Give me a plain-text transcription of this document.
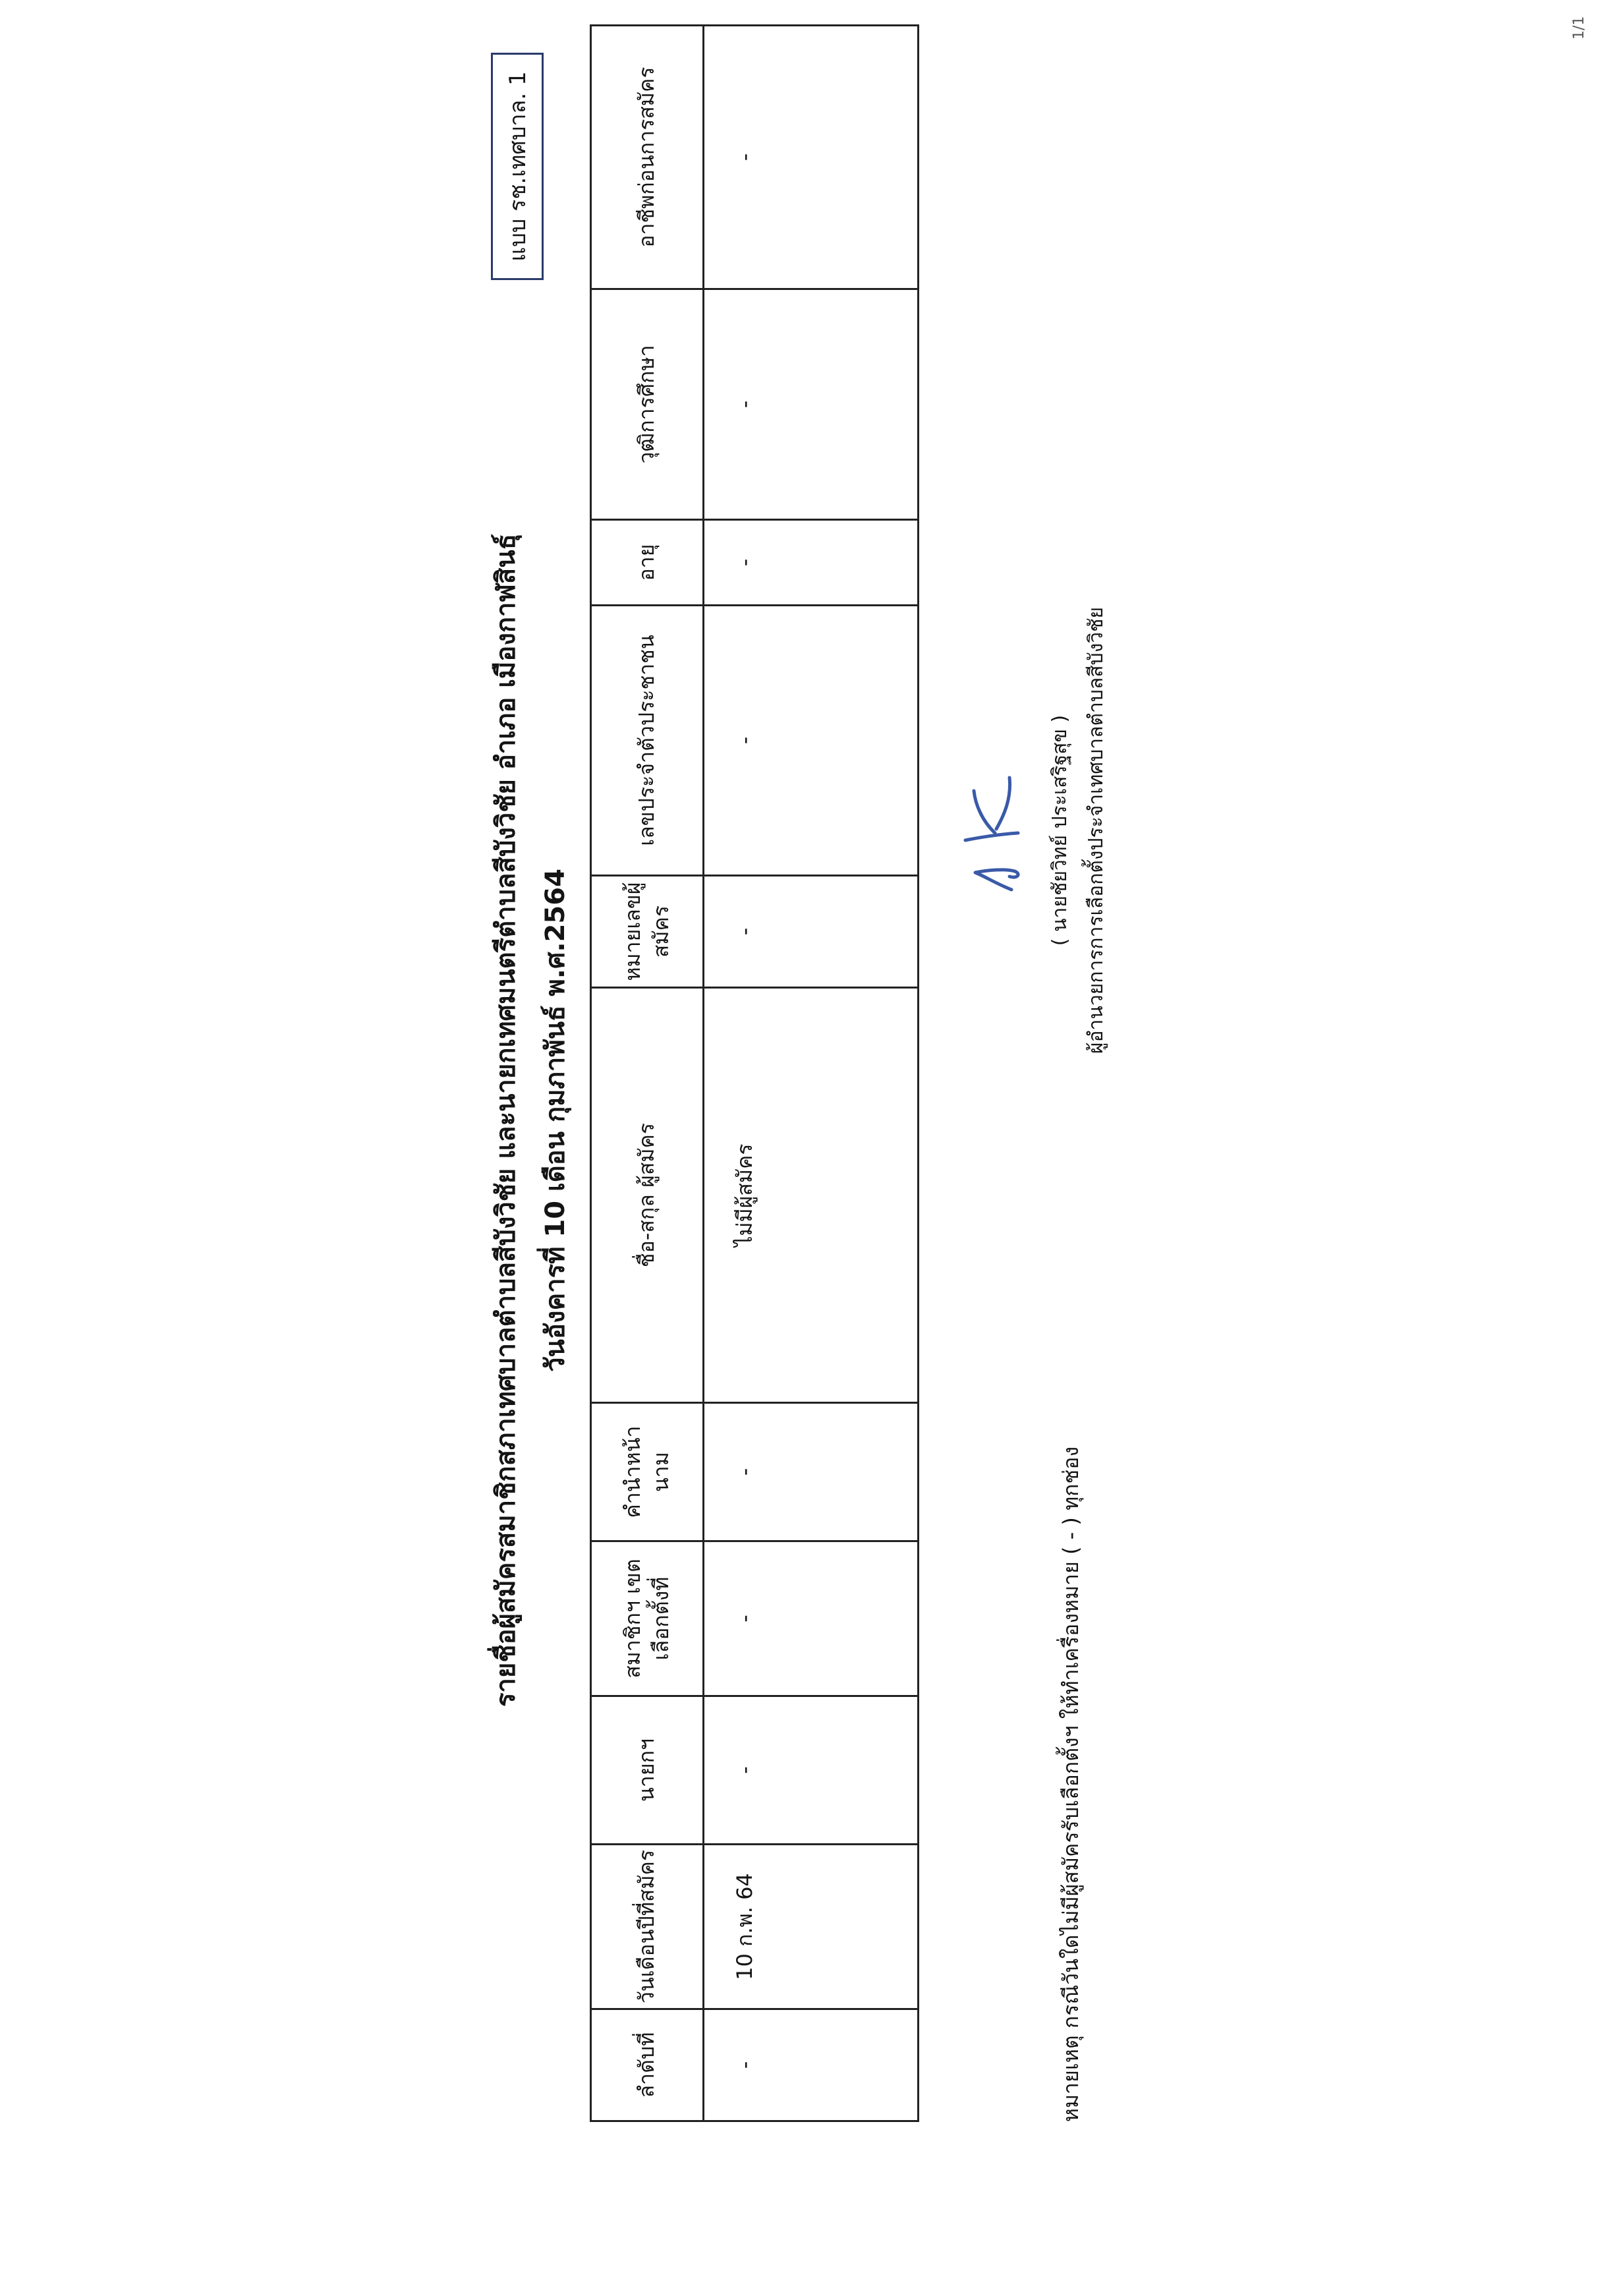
1/1
รายชื่อผู้สมัครสมาชิกสภาเทศบาลตำบลสีบังวิชัย และนายกเทศมนตรีตำบลสีบังวิชัย อำเภอ เมืองกาฬสินธุ์ วันอังคารที่ 10 เดือน กุมภาพันธ์ พ.ศ.2564
แบบ รช.เทศบาล. 1
ลำดับที่	วันเดือนปีที่สมัคร	นายกฯ	สมาชิกฯ เขตเลือกตั้งที่	คำนำหน้านาม	ชื่อ-สกุล ผู้สมัคร	หมายเลขผู้สมัคร	เลขประจำตัวประชาชน	อายุ	วุฒิการศึกษา	อาชีพก่อนการสมัคร
-	10 ก.พ. 64	-	-	-	ไม่มีผู้สมัคร	-	-	-	-	-
หมายเหตุ กรณีวันใดไม่มีผู้สมัครรับเลือกตั้งฯ ให้ทำเครื่องหมาย ( - ) ทุกช่อง
( นายชัยวิทย์ ประเสริฐสุข ) ผู้อำนวยการการเลือกตั้งประจำเทศบาลตำบลสีบังวิชัย
